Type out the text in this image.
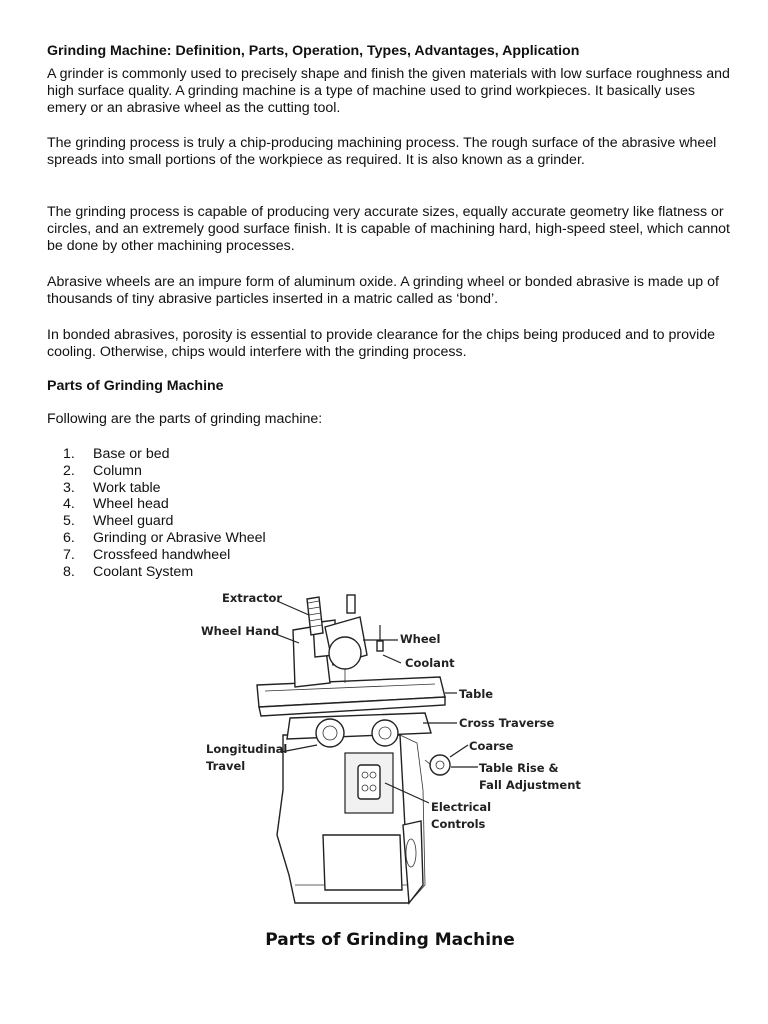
Grinding Machine: Definition, Parts, Operation, Types, Advantages, Application

A grinder is commonly used to precisely shape and finish the given materials with low surface roughness and high surface quality. A grinding machine is a type of machine used to grind workpieces. It basically uses emery or an abrasive wheel as the cutting tool.

The grinding process is truly a chip-producing machining process. The rough surface of the abrasive wheel spreads into small portions of the workpiece as required. It is also known as a grinder.

The grinding process is capable of producing very accurate sizes, equally accurate geometry like flatness or circles, and an extremely good surface finish. It is capable of machining hard, high-speed steel, which cannot be done by other machining processes.

Abrasive wheels are an impure form of aluminum oxide. A grinding wheel or bonded abrasive is made up of thousands of tiny abrasive particles inserted in a matric called as ‘bond’.

In bonded abrasives, porosity is essential to provide clearance for the chips being produced and to provide cooling. Otherwise, chips would interfere with the grinding process.

Parts of Grinding Machine

Following are the parts of grinding machine:

1.	Base or bed
2.	Column
3.	Work table
4.	Wheel head
5.	Wheel guard
6.	Grinding or Abrasive Wheel
7.	Crossfeed handwheel
8.	Coolant System
Extractor
Wheel Hand
Wheel
Coolant
Table
Cross Traverse
Coarse
Longitudinal
Travel	Table Rise &
Fall Adjustment
Electrical
Controls
Parts of Grinding Machine
